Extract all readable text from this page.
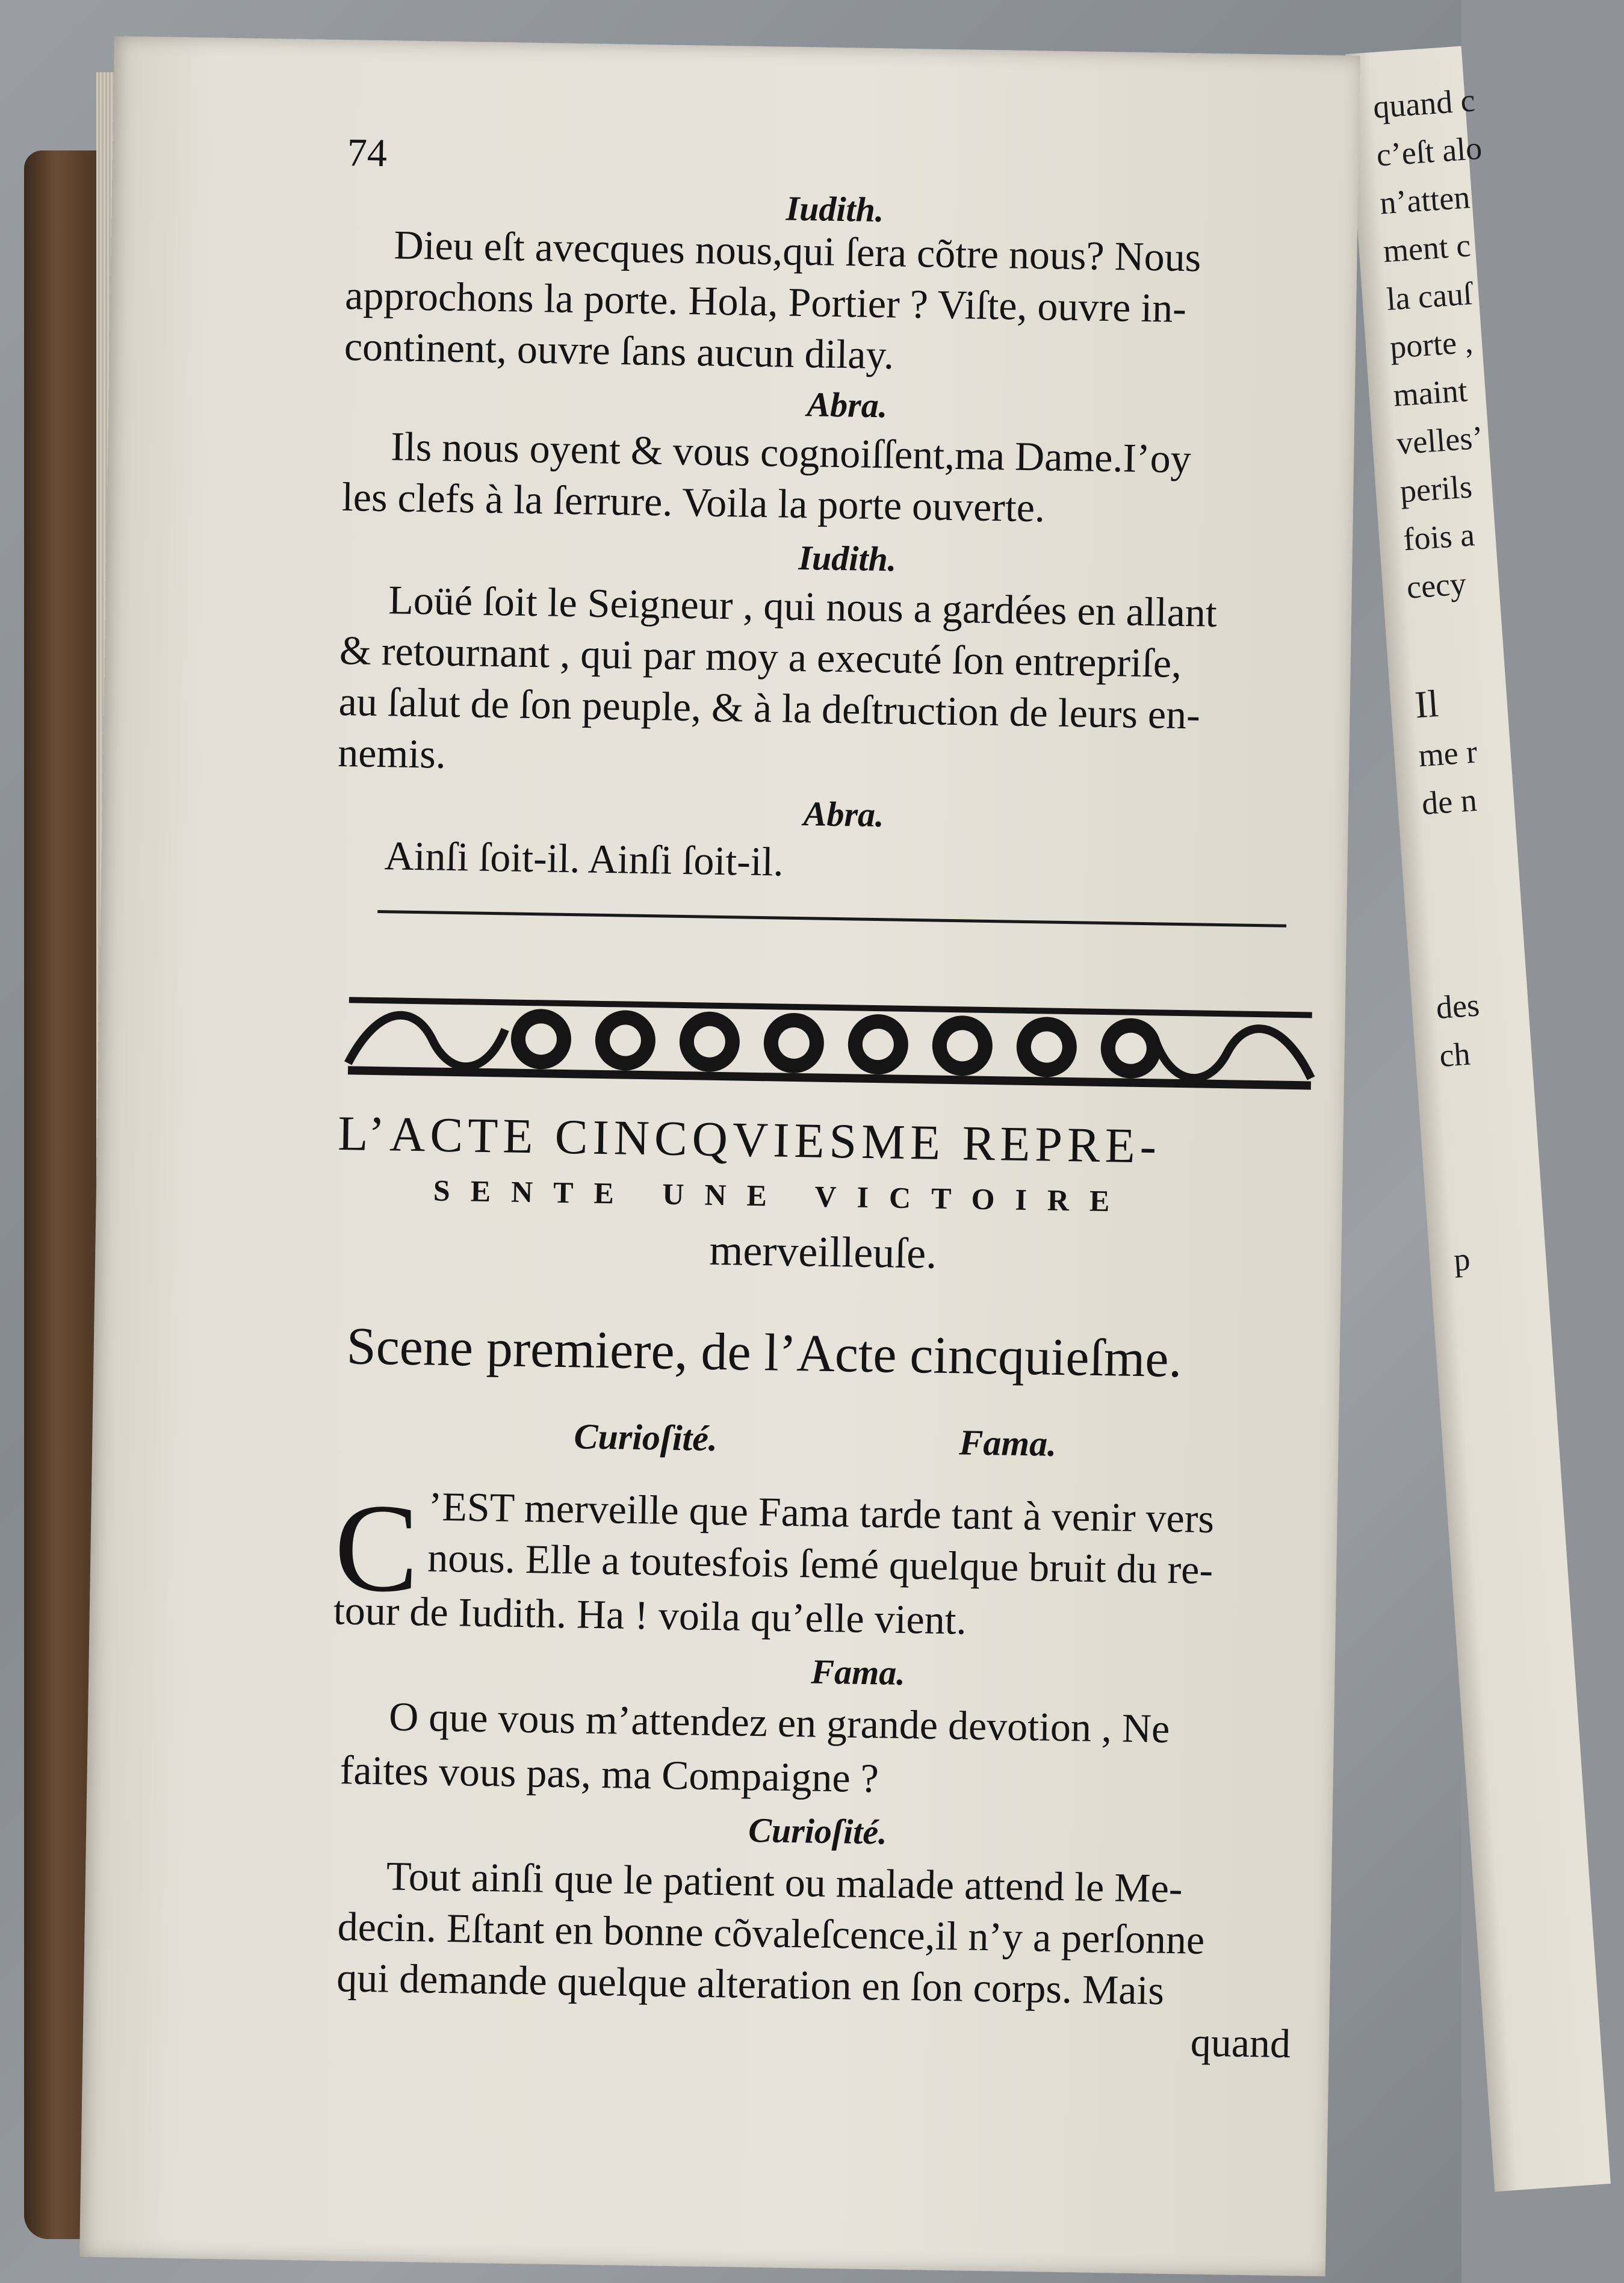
quand c
c’eſt alo
n’atten
ment c
la cauſ
porte ,
maint
velles’
perils
fois a
cecy
Il
me r
de n
des
ch
p
74
Iudith.
Dieu eſt avecques nous,qui ſera cõtre nous? Nous
approchons la porte. Hola, Portier ? Viſte, ouvre in-
continent, ouvre ſans aucun dilay.
Abra.
Ils nous oyent & vous cognoiſſent,ma Dame.I’oy
les clefs à la ſerrure. Voila la porte ouverte.
Iudith.
Loüé ſoit le Seigneur , qui nous a gardées en allant
& retournant , qui par moy a executé ſon entrepriſe,
au ſalut de ſon peuple, & à la deſtruction de leurs en-
nemis.
Abra.
Ainſi ſoit-il. Ainſi ſoit-il.
L’ACTE CINCQVIESME REPRE-
SENTE UNE VICTOIRE
merveilleuſe.
Scene premiere, de l’Acte cincquieſme.
Curioſité.	Fama.
C ’EST merveille que Fama tarde tant à venir vers
nous. Elle a toutesfois ſemé quelque bruit du re-
tour de Iudith. Ha ! voila qu’elle vient.
Fama.
O que vous m’attendez en grande devotion , Ne
faites vous pas, ma Compaigne ?
Curioſité.
Tout ainſi que le patient ou malade attend le Me-
decin. Eſtant en bonne cõvaleſcence,il n’y a perſonne
qui demande quelque alteration en ſon corps. Mais
quand
